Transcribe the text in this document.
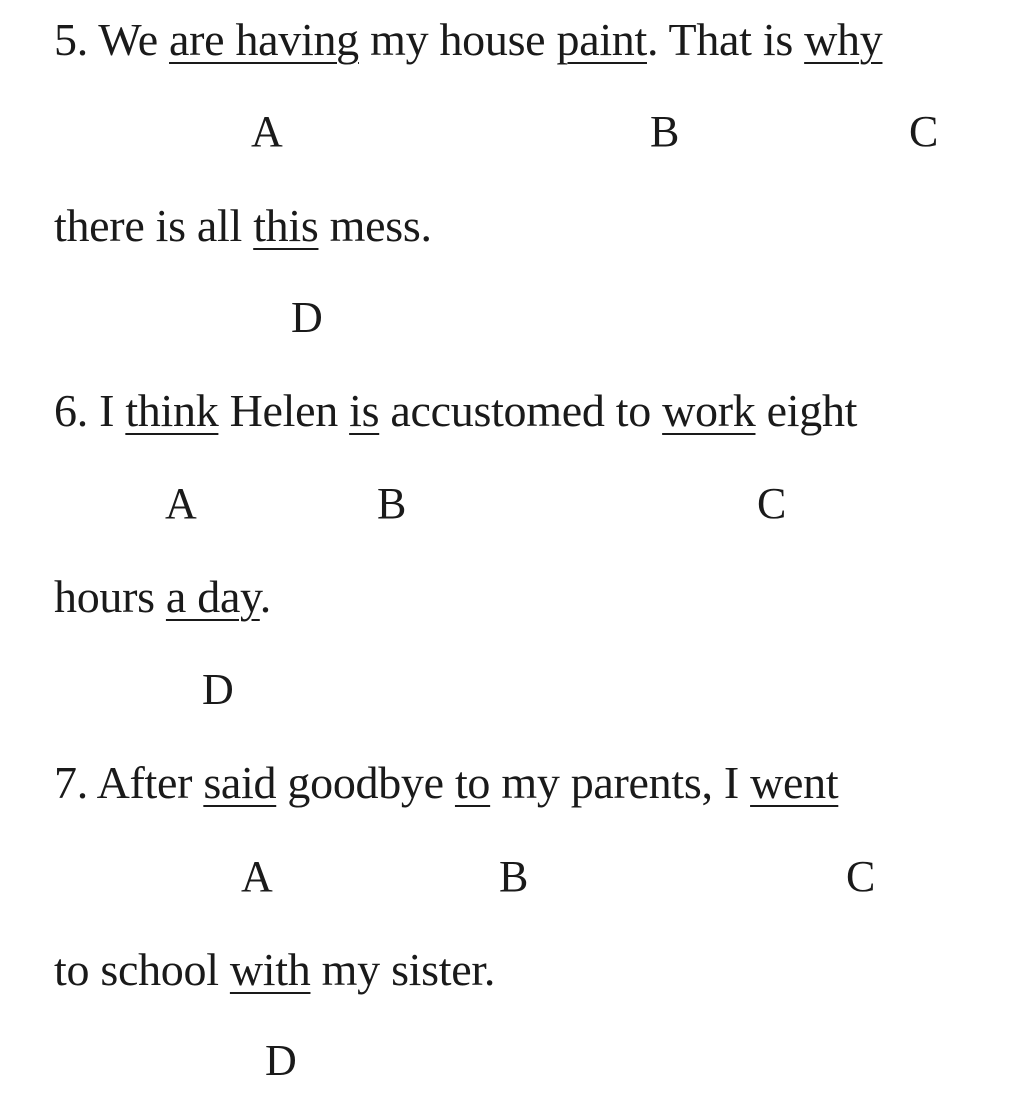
5. We are having my house paint. That is why
A	B	C
there is all this mess.
D
6. I think Helen is accustomed to work eight
A	B	C
hours a day.
D
7. After said goodbye to my parents, I went
A	B	C
to school with my sister.
D
